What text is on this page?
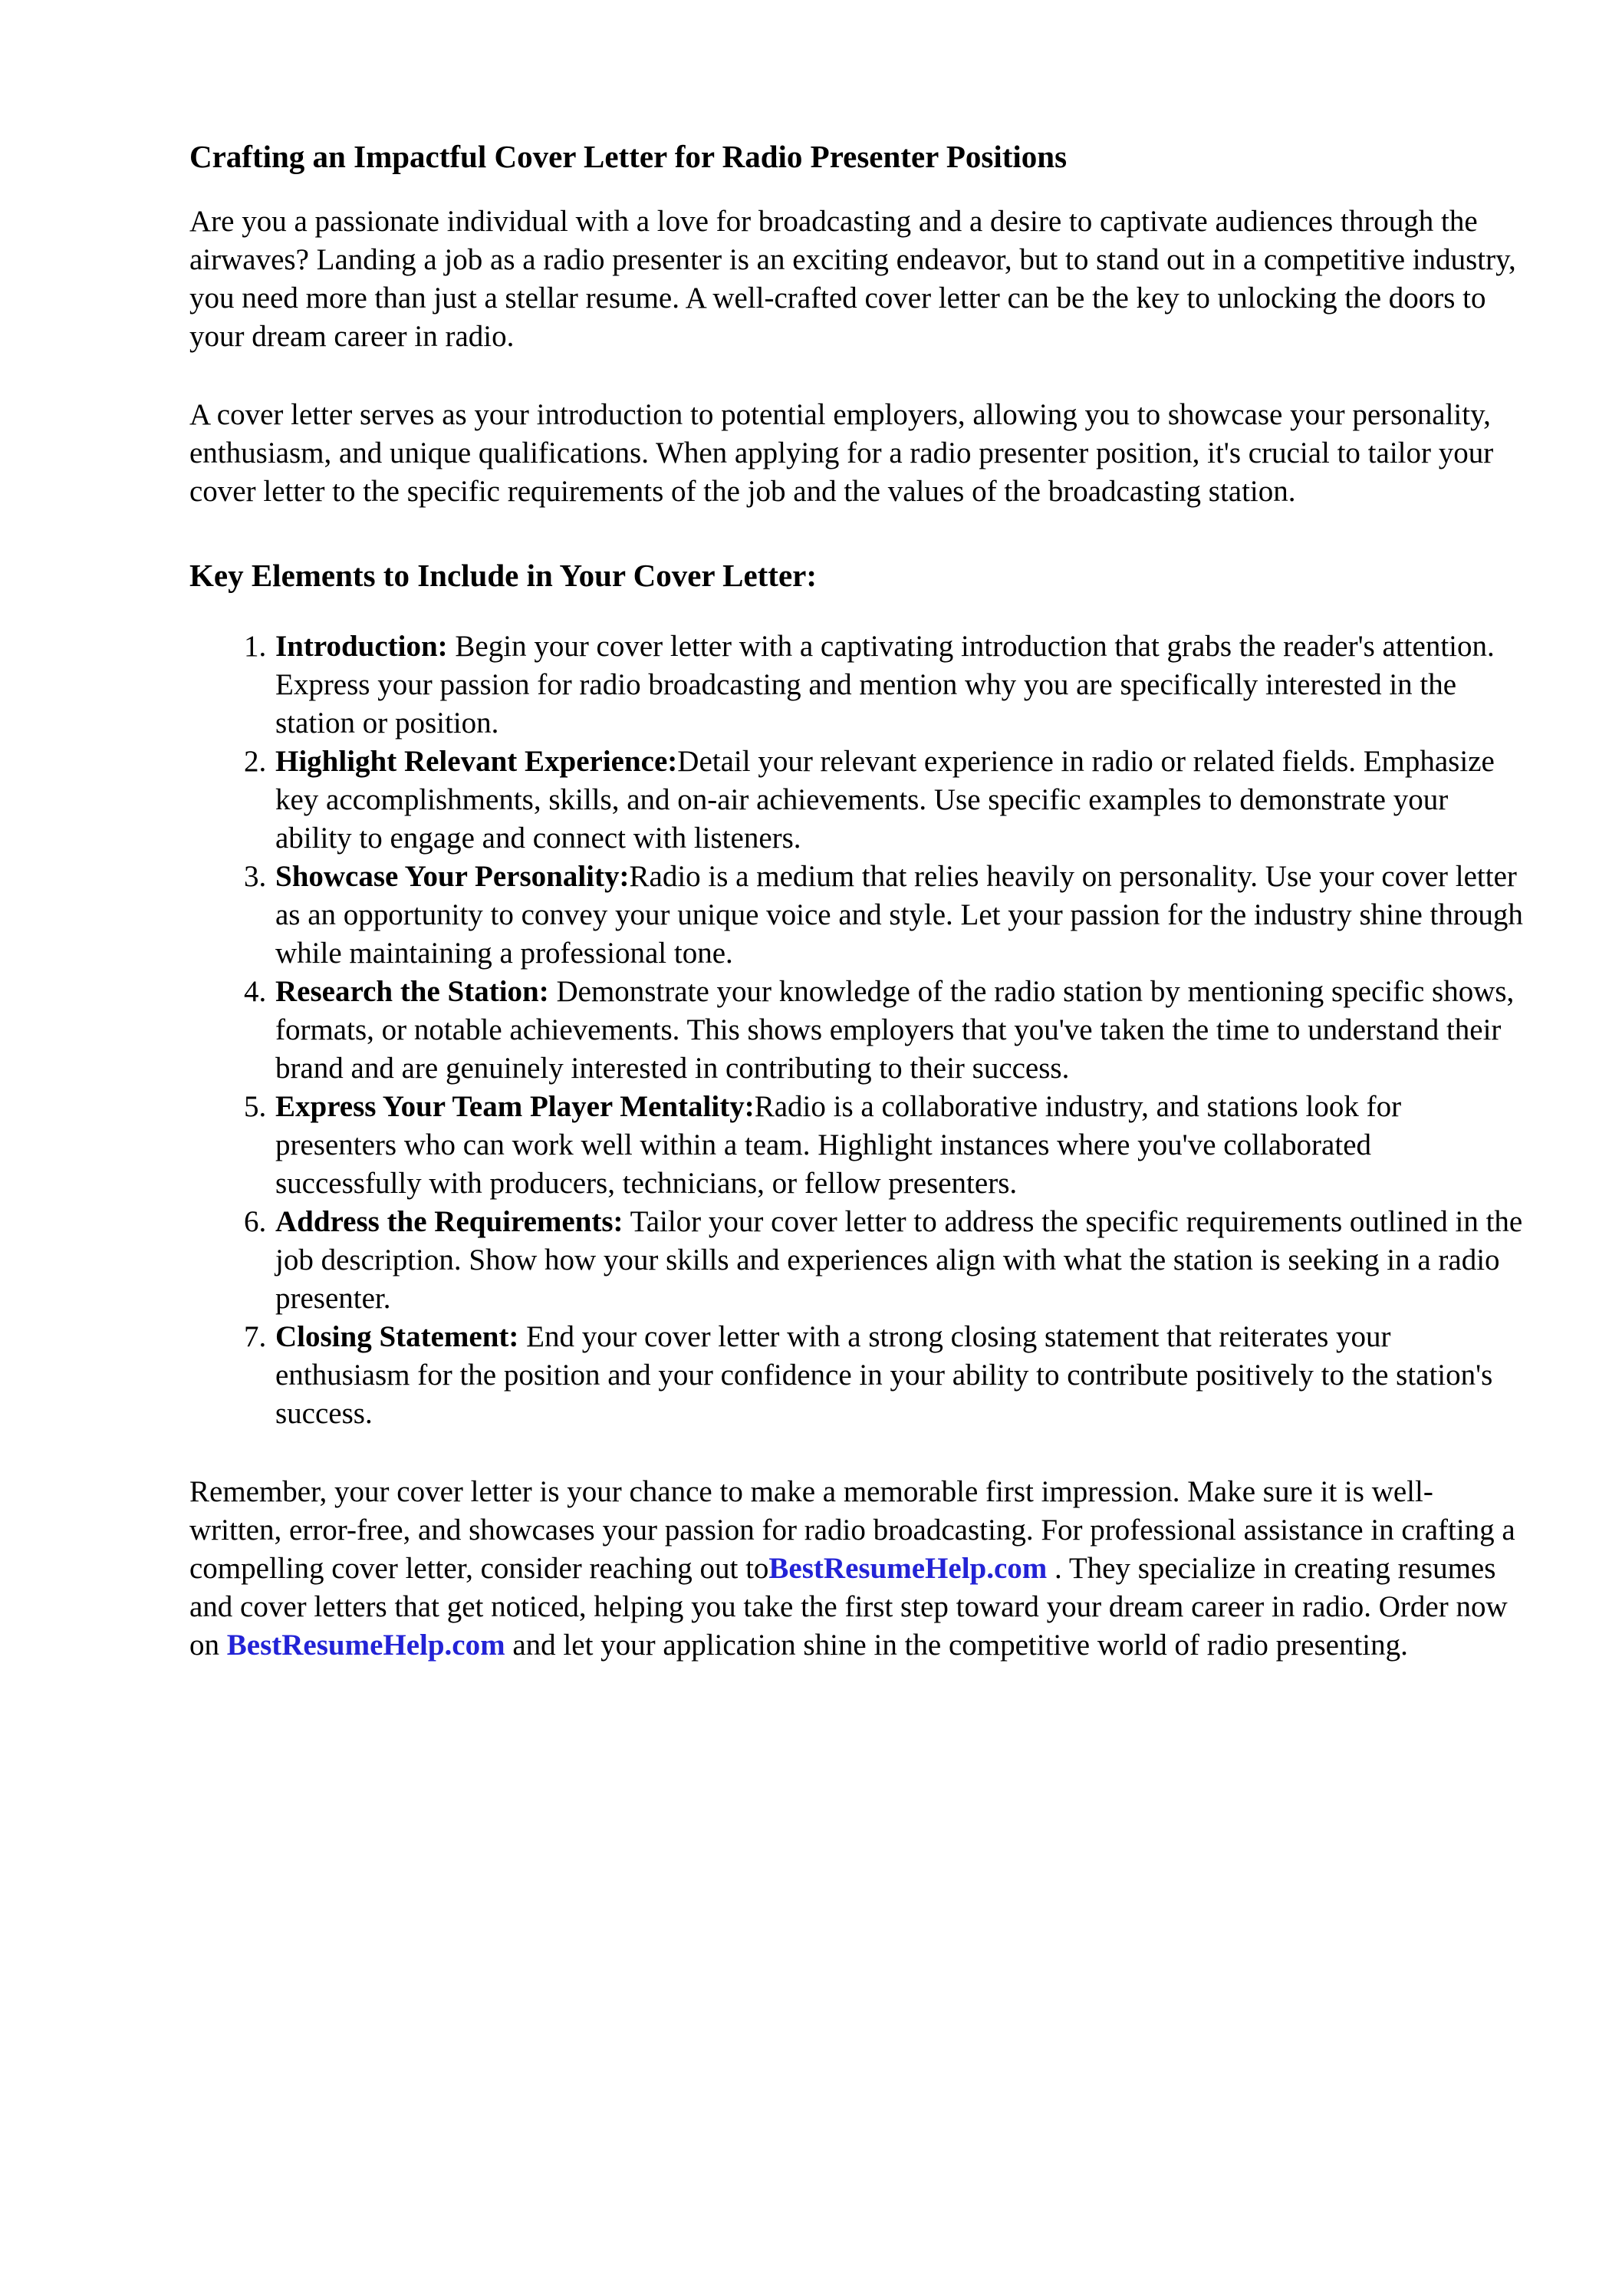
Crafting an Impactful Cover Letter for Radio Presenter Positions

Are you a passionate individual with a love for broadcasting and a desire to captivate audiences through the airwaves? Landing a job as a radio presenter is an exciting endeavor, but to stand out in a competitive industry, you need more than just a stellar resume. A well-crafted cover letter can be the key to unlocking the doors to your dream career in radio.

A cover letter serves as your introduction to potential employers, allowing you to showcase your personality, enthusiasm, and unique qualifications. When applying for a radio presenter position, it's crucial to tailor your cover letter to the specific requirements of the job and the values of the broadcasting station.

Key Elements to Include in Your Cover Letter:
1. Introduction: Begin your cover letter with a captivating introduction that grabs the reader's attention. Express your passion for radio broadcasting and mention why you are specifically interested in the station or position.
2. Highlight Relevant Experience:Detail your relevant experience in radio or related fields. Emphasize key accomplishments, skills, and on-air achievements. Use specific examples to demonstrate your ability to engage and connect with listeners.
3. Showcase Your Personality:Radio is a medium that relies heavily on personality. Use your cover letter as an opportunity to convey your unique voice and style. Let your passion for the industry shine through while maintaining a professional tone.
4. Research the Station: Demonstrate your knowledge of the radio station by mentioning specific shows, formats, or notable achievements. This shows employers that you've taken the time to understand their brand and are genuinely interested in contributing to their success.
5. Express Your Team Player Mentality:Radio is a collaborative industry, and stations look for presenters who can work well within a team. Highlight instances where you've collaborated successfully with producers, technicians, or fellow presenters.
6. Address the Requirements: Tailor your cover letter to address the specific requirements outlined in the job description. Show how your skills and experiences align with what the station is seeking in a radio presenter.
7. Closing Statement: End your cover letter with a strong closing statement that reiterates your enthusiasm for the position and your confidence in your ability to contribute positively to the station's success.

Remember, your cover letter is your chance to make a memorable first impression. Make sure it is well-written, error-free, and showcases your passion for radio broadcasting. For professional assistance in crafting a compelling cover letter, consider reaching out toBestResumeHelp.com . They specialize in creating resumes and cover letters that get noticed, helping you take the first step toward your dream career in radio. Order now on BestResumeHelp.com and let your application shine in the competitive world of radio presenting.
